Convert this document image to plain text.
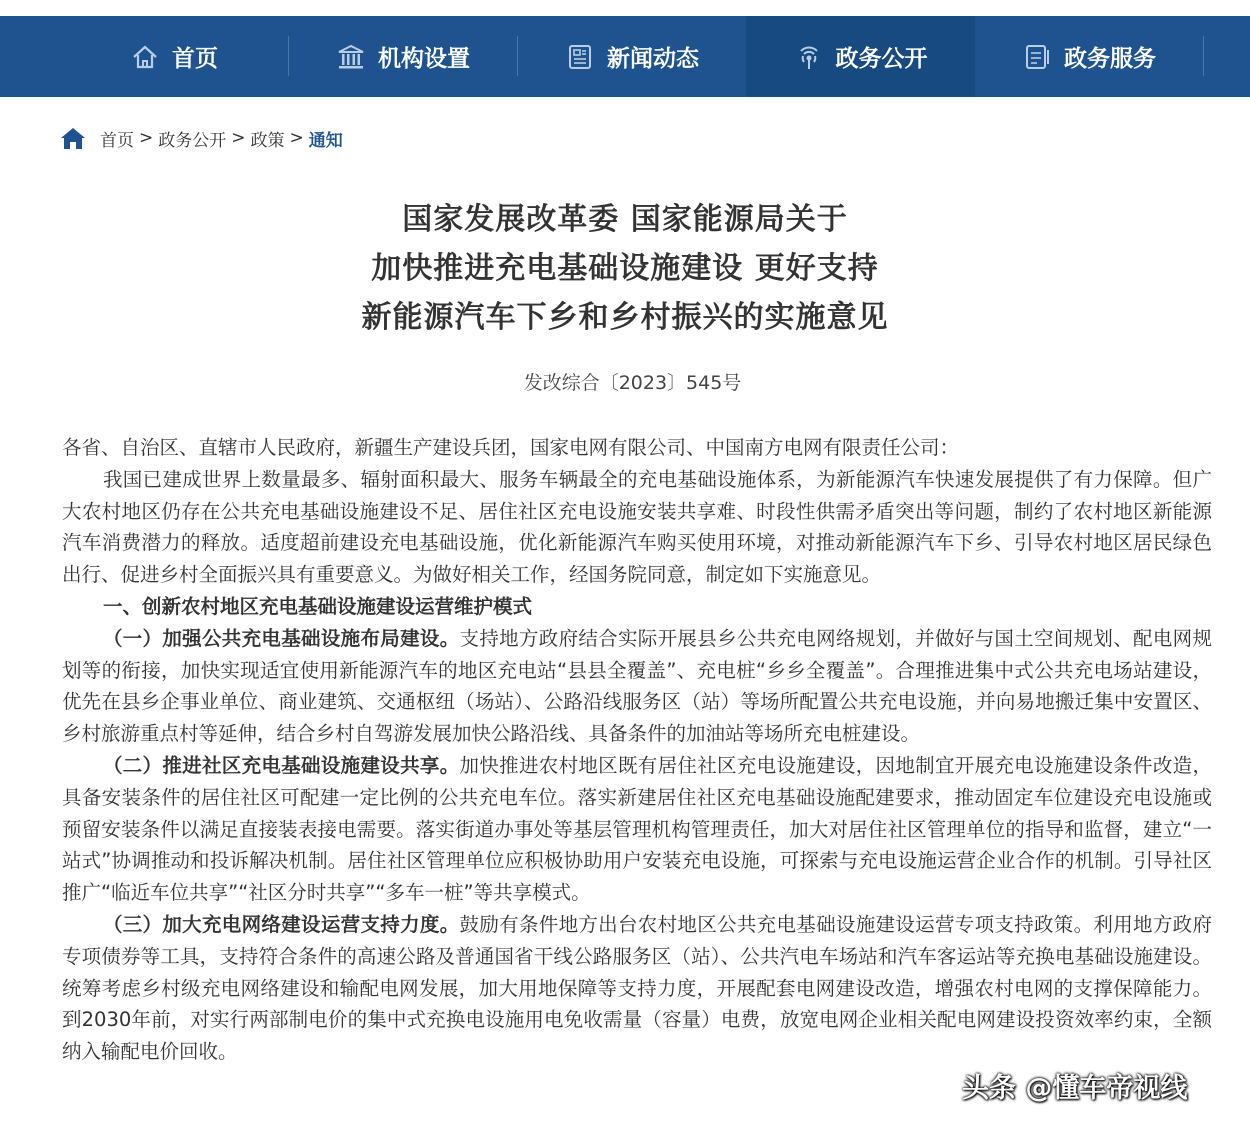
首页	机构设置	新闻动态	政务公开	政务服务
首页 > 政务公开 > 政策 > 通知
国家发展改革委 国家能源局关于
加快推进充电基础设施建设 更好支持
新能源汽车下乡和乡村振兴的实施意见
发改综合〔2023〕545号

各省、自治区、直辖市人民政府，新疆生产建设兵团，国家电网有限公司、中国南方电网有限责任公司：

我国已建成世界上数量最多、辐射面积最大、服务车辆最全的充电基础设施体系，为新能源汽车快速发展提供了有力保障。但广大农村地区仍存在公共充电基础设施建设不足、居住社区充电设施安装共享难、时段性供需矛盾突出等问题，制约了农村地区新能源汽车消费潜力的释放。适度超前建设充电基础设施，优化新能源汽车购买使用环境，对推动新能源汽车下乡、引导农村地区居民绿色出行、促进乡村全面振兴具有重要意义。为做好相关工作，经国务院同意，制定如下实施意见。

一、创新农村地区充电基础设施建设运营维护模式

（一）加强公共充电基础设施布局建设。支持地方政府结合实际开展县乡公共充电网络规划，并做好与国土空间规划、配电网规划等的衔接，加快实现适宜使用新能源汽车的地区充电站“县县全覆盖”、充电桩“乡乡全覆盖”。合理推进集中式公共充电场站建设，优先在县乡企事业单位、商业建筑、交通枢纽（场站）、公路沿线服务区（站）等场所配置公共充电设施，并向易地搬迁集中安置区、乡村旅游重点村等延伸，结合乡村自驾游发展加快公路沿线、具备条件的加油站等场所充电桩建设。

（二）推进社区充电基础设施建设共享。加快推进农村地区既有居住社区充电设施建设，因地制宜开展充电设施建设条件改造，具备安装条件的居住社区可配建一定比例的公共充电车位。落实新建居住社区充电基础设施配建要求，推动固定车位建设充电设施或预留安装条件以满足直接装表接电需要。落实街道办事处等基层管理机构管理责任，加大对居住社区管理单位的指导和监督，建立“一站式”协调推动和投诉解决机制。居住社区管理单位应积极协助用户安装充电设施，可探索与充电设施运营企业合作的机制。引导社区推广“临近车位共享”“社区分时共享”“多车一桩”等共享模式。

（三）加大充电网络建设运营支持力度。鼓励有条件地方出台农村地区公共充电基础设施建设运营专项支持政策。利用地方政府专项债券等工具，支持符合条件的高速公路及普通国省干线公路服务区（站）、公共汽电车场站和汽车客运站等充换电基础设施建设。统筹考虑乡村级充电网络建设和输配电网发展，加大用地保障等支持力度，开展配套电网建设改造，增强农村电网的支撑保障能力。到2030年前，对实行两部制电价的集中式充换电设施用电免收需量（容量）电费，放宽电网企业相关配电网建设投资效率约束，全额纳入输配电价回收。

头条 @懂车帝视线
